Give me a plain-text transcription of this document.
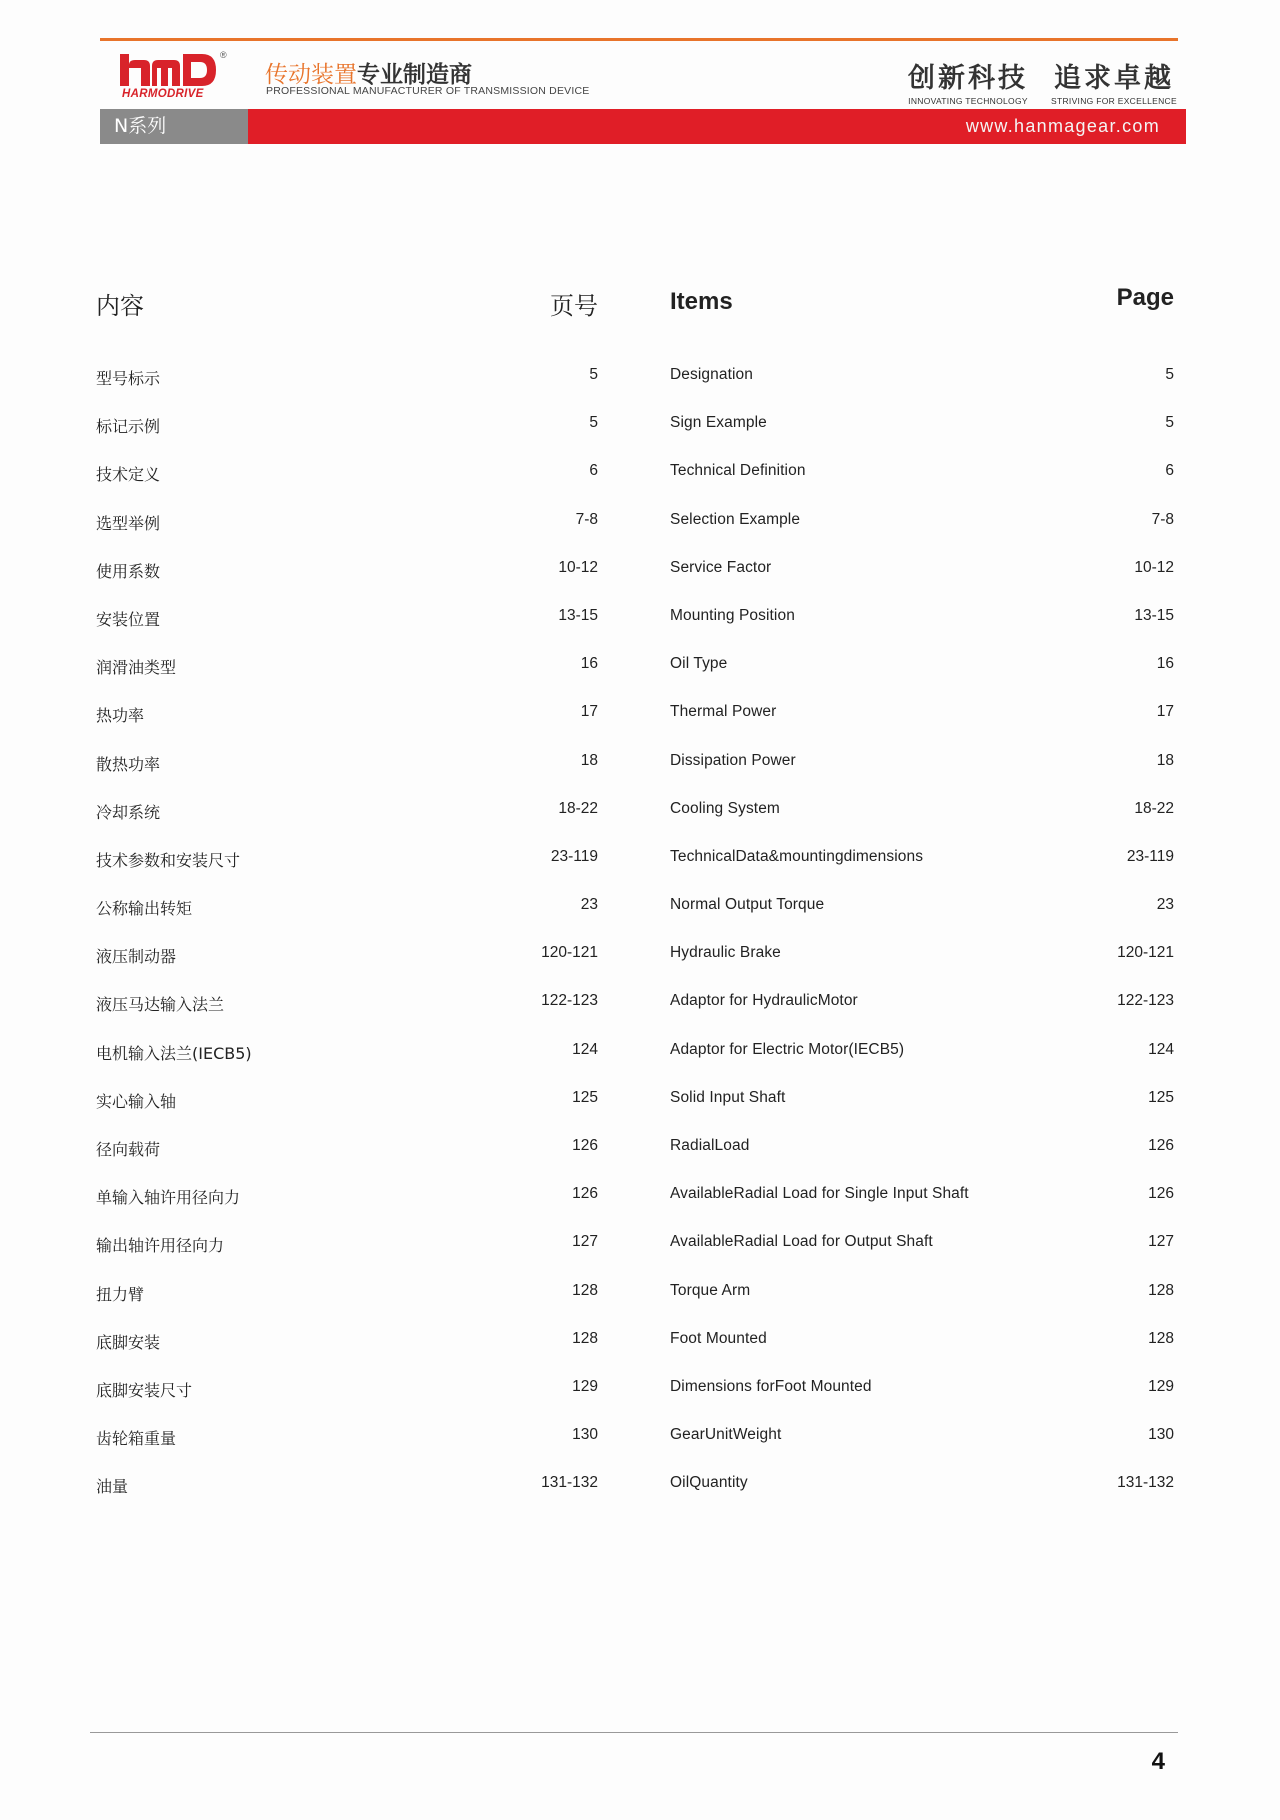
®
HARMODRIVE
传动装置专业制造商
PROFESSIONAL MANUFACTURER OF TRANSMISSION DEVICE	创新科技
INNOVATING TECHNOLOGY
追求卓越
STRIVING FOR EXCELLENCE
N系列	www.hanmagear.com
内容	页号
型号标示	5
标记示例	5
技术定义	6
选型举例	7-8
使用系数	10-12
安装位置	13-15
润滑油类型	16
热功率	17
散热功率	18
冷却系统	18-22
技术参数和安装尺寸	23-119
公称输出转矩	23
液压制动器	120-121
液压马达输入法兰	122-123
电机输入法兰(IECB5)	124
实心输入轴	125
径向载荷	126
单输入轴许用径向力	126
输出轴许用径向力	127
扭力臂	128
底脚安装	128
底脚安装尺寸	129
齿轮箱重量	130
油量	131-132
Items	Page
Designation	5
Sign Example	5
Technical Definition	6
Selection Example	7-8
Service Factor	10-12
Mounting Position	13-15
Oil Type	16
Thermal Power	17
Dissipation Power	18
Cooling System	18-22
TechnicalData&mountingdimensions	23-119
Normal Output Torque	23
Hydraulic Brake	120-121
Adaptor for HydraulicMotor	122-123
Adaptor for Electric Motor(IECB5)	124
Solid Input Shaft	125
RadialLoad	126
AvailableRadial Load for Single Input Shaft	126
AvailableRadial Load for Output Shaft	127
Torque Arm	128
Foot Mounted	128
Dimensions forFoot Mounted	129
GearUnitWeight	130
OilQuantity	131-132
4
